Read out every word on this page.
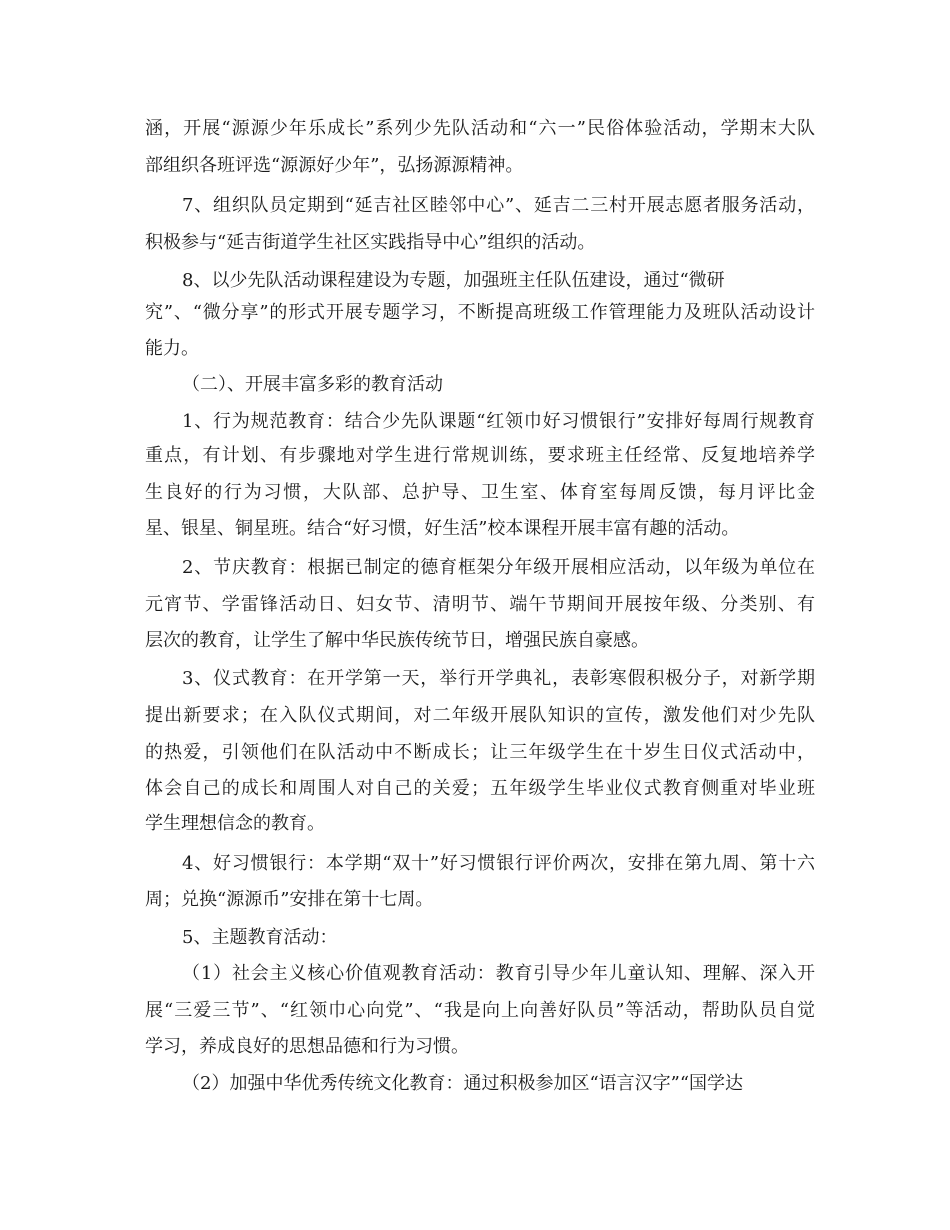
涵，开展“源源少年乐成长”系列少先队活动和“六一”民俗体验活动，学期末大队
部组织各班评选“源源好少年”，弘扬源源精神。
7、组织队员定期到“延吉社区睦邻中心”、延吉二三村开展志愿者服务活动，
积极参与“延吉街道学生社区实践指导中心”组织的活动。
8、以少先队活动课程建设为专题，加强班主任队伍建设，通过“微研
究”、“微分享”的形式开展专题学习，不断提高班级工作管理能力及班队活动设计
能力。
（二）、开展丰富多彩的教育活动
1、行为规范教育：结合少先队课题“红领巾好习惯银行”安排好每周行规教育
重点，有计划、有步骤地对学生进行常规训练，要求班主任经常、反复地培养学
生良好的行为习惯，大队部、总护导、卫生室、体育室每周反馈，每月评比金
星、银星、铜星班。结合“好习惯，好生活”校本课程开展丰富有趣的活动。
2、节庆教育：根据已制定的德育框架分年级开展相应活动，以年级为单位在
元宵节、学雷锋活动日、妇女节、清明节、端午节期间开展按年级、分类别、有
层次的教育，让学生了解中华民族传统节日，增强民族自豪感。
3、仪式教育：在开学第一天，举行开学典礼，表彰寒假积极分子，对新学期
提出新要求；在入队仪式期间，对二年级开展队知识的宣传，激发他们对少先队
的热爱，引领他们在队活动中不断成长；让三年级学生在十岁生日仪式活动中，
体会自己的成长和周围人对自己的关爱；五年级学生毕业仪式教育侧重对毕业班
学生理想信念的教育。
4、好习惯银行：本学期“双十”好习惯银行评价两次，安排在第九周、第十六
周；兑换“源源币”安排在第十七周。
5、主题教育活动：
（1）社会主义核心价值观教育活动：教育引导少年儿童认知、理解、深入开
展“三爱三节”、“红领巾心向党”、“我是向上向善好队员”等活动，帮助队员自觉
学习，养成良好的思想品德和行为习惯。
（2）加强中华优秀传统文化教育：通过积极参加区“语言汉字”“国学达
